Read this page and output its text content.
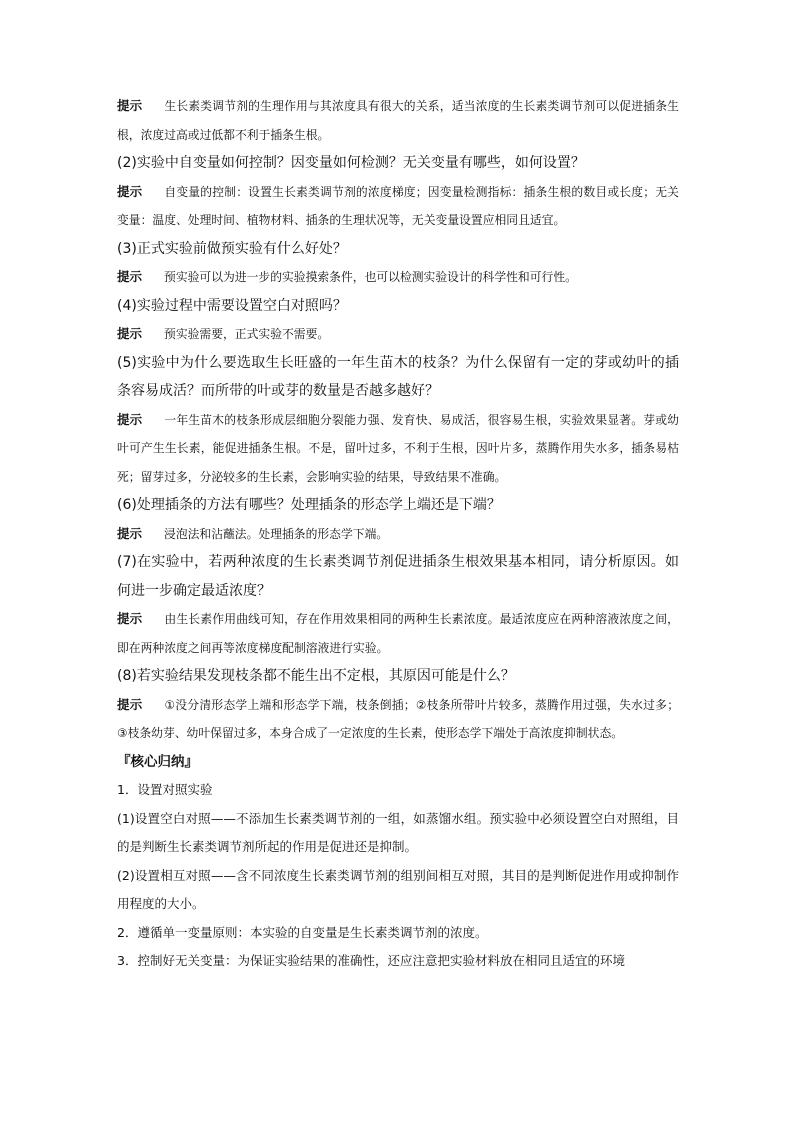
提示 生长素类调节剂的生理作用与其浓度具有很大的关系，适当浓度的生长素类调节剂可以促进插条生根，浓度过高或过低都不利于插条生根。

(2)实验中自变量如何控制？因变量如何检测？无关变量有哪些，如何设置？

提示 自变量的控制：设置生长素类调节剂的浓度梯度；因变量检测指标：插条生根的数目或长度；无关变量：温度、处理时间、植物材料、插条的生理状况等，无关变量设置应相同且适宜。

(3)正式实验前做预实验有什么好处？

提示 预实验可以为进一步的实验摸索条件，也可以检测实验设计的科学性和可行性。

(4)实验过程中需要设置空白对照吗？

提示 预实验需要，正式实验不需要。

(5)实验中为什么要选取生长旺盛的一年生苗木的枝条？为什么保留有一定的芽或幼叶的插条容易成活？而所带的叶或芽的数量是否越多越好？

提示 一年生苗木的枝条形成层细胞分裂能力强、发育快、易成活，很容易生根，实验效果显著。芽或幼叶可产生生长素，能促进插条生根。不是，留叶过多，不利于生根，因叶片多，蒸腾作用失水多，插条易枯死；留芽过多，分泌较多的生长素，会影响实验的结果，导致结果不准确。

(6)处理插条的方法有哪些？处理插条的形态学上端还是下端？

提示 浸泡法和沾蘸法。处理插条的形态学下端。

(7)在实验中，若两种浓度的生长素类调节剂促进插条生根效果基本相同，请分析原因。如何进一步确定最适浓度？

提示 由生长素作用曲线可知，存在作用效果相同的两种生长素浓度。最适浓度应在两种溶液浓度之间，即在两种浓度之间再等浓度梯度配制溶液进行实验。

(8)若实验结果发现枝条都不能生出不定根，其原因可能是什么？

提示 ①没分清形态学上端和形态学下端，枝条倒插；②枝条所带叶片较多，蒸腾作用过强，失水过多；③枝条幼芽、幼叶保留过多，本身合成了一定浓度的生长素，使形态学下端处于高浓度抑制状态。

『核心归纳』

1．设置对照实验

(1)设置空白对照——不添加生长素类调节剂的一组，如蒸馏水组。预实验中必须设置空白对照组，目的是判断生长素类调节剂所起的作用是促进还是抑制。

(2)设置相互对照——含不同浓度生长素类调节剂的组别间相互对照，其目的是判断促进作用或抑制作用程度的大小。

2．遵循单一变量原则：本实验的自变量是生长素类调节剂的浓度。

3．控制好无关变量：为保证实验结果的准确性，还应注意把实验材料放在相同且适宜的环境
